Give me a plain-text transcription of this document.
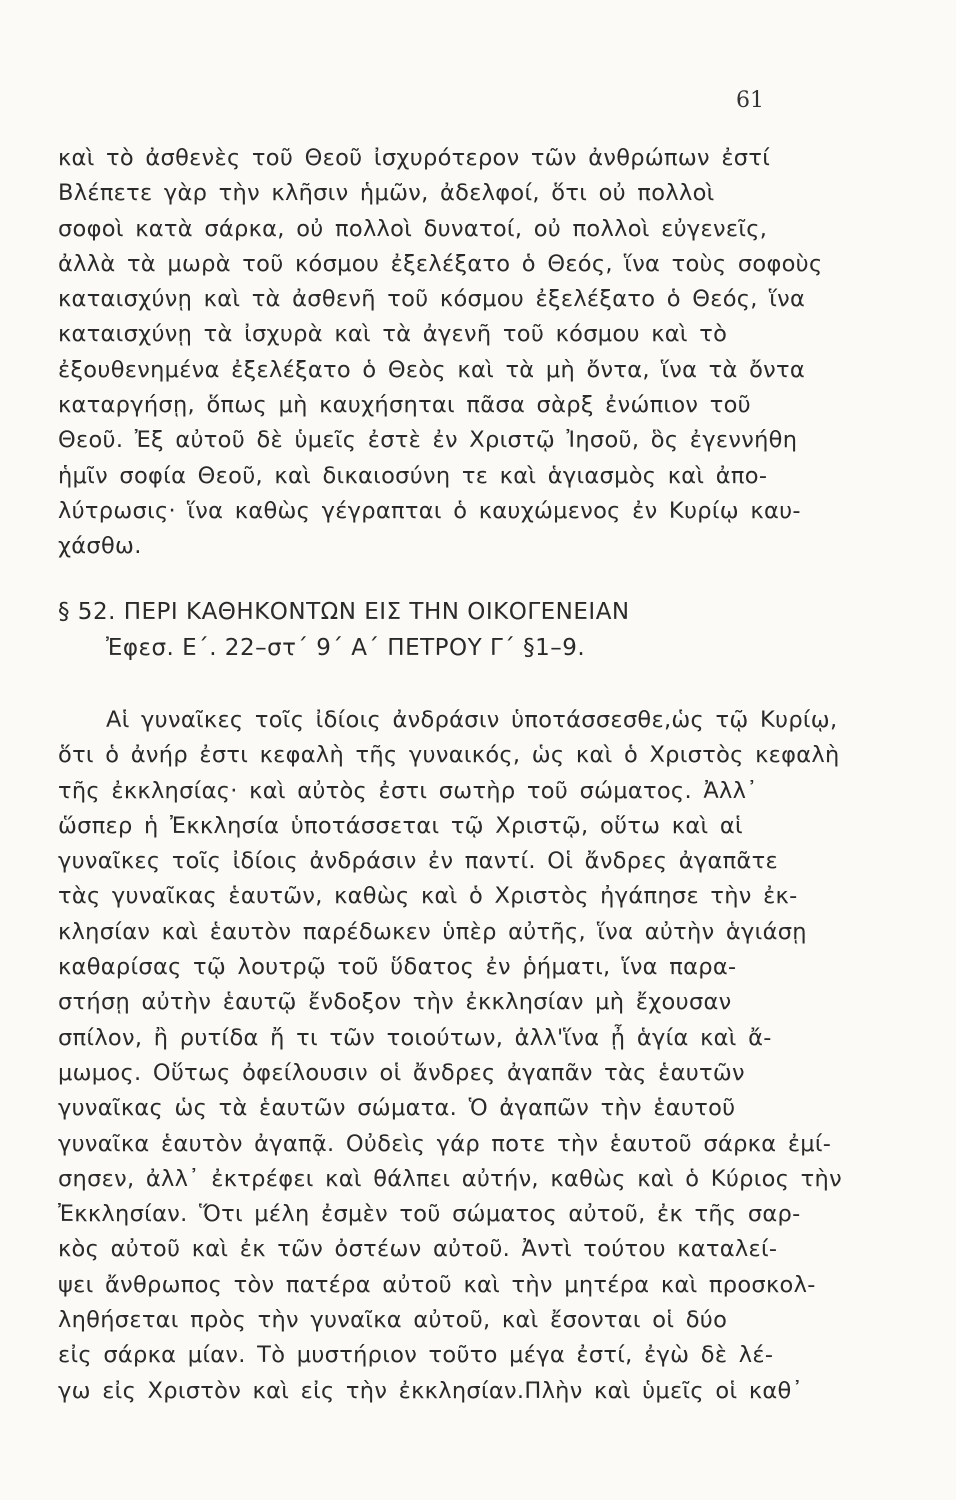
61
καὶ τὸ ἀσθενὲς τοῦ Θεοῦ ἰσχυρότερον τῶν ἀνθρώπων ἐστί
Βλέπετε γὰρ τὴν κλῆσιν ἡμῶν, ἀδελφοί, ὅτι οὐ πολλοὶ
σοφοὶ κατὰ σάρκα, οὐ πολλοὶ δυνατοί, οὐ πολλοὶ εὐγενεῖς,
ἀλλὰ τὰ μωρὰ τοῦ κόσμου ἐξελέξατο ὁ Θεός, ἵνα τοὺς σοφοὺς
καταισχύνῃ καὶ τὰ ἀσθενῆ τοῦ κόσμου ἐξελέξατο ὁ Θεός, ἵνα
καταισχύνῃ τὰ ἰσχυρὰ καὶ τὰ ἀγενῆ τοῦ κόσμου καὶ τὸ
ἐξουθενημένα ἐξελέξατο ὁ Θεὸς καὶ τὰ μὴ ὄντα, ἵνα τὰ ὄντα
καταργήσῃ, ὅπως μὴ καυχήσηται πᾶσα σὰρξ ἐνώπιον τοῦ
Θεοῦ. Ἐξ αὐτοῦ δὲ ὑμεῖς ἐστὲ ἐν Χριστῷ Ἰησοῦ, ὃς ἐγεννήθη
ἡμῖν σοφία Θεοῦ, καὶ δικαιοσύνη τε καὶ ἁγιασμὸς καὶ ἀπο-
λύτρωσις· ἵνα καθὼς γέγραπται ὁ καυχώμενος ἐν Κυρίῳ καυ-
χάσθω.
§ 52. ΠΕΡΙ ΚΑΘΗΚΟΝΤΩΝ ΕΙΣ ΤΗΝ ΟΙΚΟΓΕΝΕΙΑΝ
Ἐφεσ. Ε΄. 22–στ΄ 9΄ Α΄ ΠΕΤΡΟΥ Γ΄ §1–9.
Αἱ γυναῖκες τοῖς ἰδίοις ἀνδράσιν ὑποτάσσεσθε,ὡς τῷ Κυρίῳ,
ὅτι ὁ ἀνήρ ἐστι κεφαλὴ τῆς γυναικός, ὡς καὶ ὁ Χριστὸς κεφαλὴ
τῆς ἐκκλησίας· καὶ αὐτὸς ἐστι σωτὴρ τοῦ σώματος. Ἀλλ᾽
ὥσπερ ἡ Ἐκκλησία ὑποτάσσεται τῷ Χριστῷ, οὕτω καὶ αἱ
γυναῖκες τοῖς ἰδίοις ἀνδράσιν ἐν παντί. Οἱ ἄνδρες ἀγαπᾶτε
τὰς γυναῖκας ἑαυτῶν, καθὼς καὶ ὁ Χριστὸς ἠγάπησε τὴν ἐκ-
κλησίαν καὶ ἑαυτὸν παρέδωκεν ὑπὲρ αὐτῆς, ἵνα αὐτὴν ἁγιάσῃ
καθαρίσας τῷ λουτρῷ τοῦ ὕδατος ἐν ῥήματι, ἵνα παρα-
στήσῃ αὐτὴν ἑαυτῷ ἔνδοξον τὴν ἐκκλησίαν μὴ ἔχουσαν
σπίλον, ἢ ρυτίδα ἤ τι τῶν τοιούτων, ἀλλ'ἵνα ᾖ ἁγία καὶ ἄ-
μωμος. Οὕτως ὀφείλουσιν οἱ ἄνδρες ἀγαπᾶν τὰς ἑαυτῶν
γυναῖκας ὡς τὰ ἑαυτῶν σώματα. Ὁ ἀγαπῶν τὴν ἑαυτοῦ
γυναῖκα ἑαυτὸν ἀγαπᾷ. Οὐδεὶς γάρ ποτε τὴν ἑαυτοῦ σάρκα ἐμί-
σησεν, ἀλλ᾽ ἐκτρέφει καὶ θάλπει αὐτήν, καθὼς καὶ ὁ Κύριος τὴν
Ἐκκλησίαν. Ὅτι μέλη ἐσμὲν τοῦ σώματος αὐτοῦ, ἐκ τῆς σαρ-
κὸς αὐτοῦ καὶ ἐκ τῶν ὀστέων αὐτοῦ. Ἀντὶ τούτου καταλεί-
ψει ἄνθρωπος τὸν πατέρα αὐτοῦ καὶ τὴν μητέρα καὶ προσκολ-
ληθήσεται πρὸς τὴν γυναῖκα αὐτοῦ, καὶ ἔσονται οἱ δύο
εἰς σάρκα μίαν. Τὸ μυστήριον τοῦτο μέγα ἐστί, ἐγὼ δὲ λέ-
γω εἰς Χριστὸν καὶ εἰς τὴν ἐκκλησίαν.Πλὴν καὶ ὑμεῖς οἱ καθ᾽
